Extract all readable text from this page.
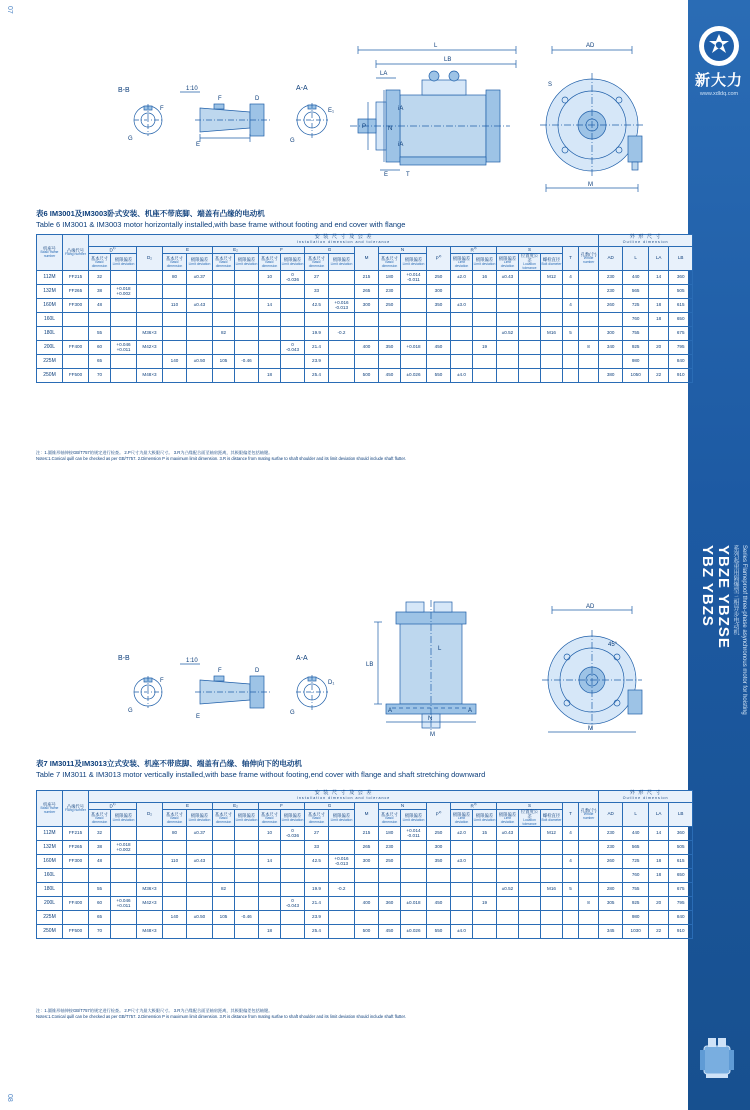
新大力
www.xdldq.com
YBZ YBZS YBZE YBZSE 系列起重用隔爆型三相异步电动机 Series Flameproof three-phase asynchronous motor for hoisting
07
08
B-B
G
F
1:10
E
F	D
A-A
G
E₁
L
LB
LA
N
P
iA
iA
E	T
M
AD
S
表6 IM3001及IM3003卧式安装、机座不带底脚、端盖有凸缘的电动机
Table 6 IM3001 & IM3003 motor horizontally installed,with base frame without footing and end cover with flange
机座号
Basic frame number	凸缘代号
Flang number	安 装 尺 寸 及 公 差
Installation dimension and tolerance																						外 形 尺 寸
Outline dimension			
		$D^{1)}$		D₂	E		E₂		F		G		M	N		$P^{2)}$	$R^{3)}$		S			T	孔数(个)
Whole number	AD	L	LA	LB

		基本尺寸
Basic dimension	极限偏差
Limit deviation		基本尺寸
Basic dimension	极限偏差
Limit deviation	基本尺寸
Basic dimension	极限偏差
Limit deviation	基本尺寸
Basic dimension	极限偏差
Limit deviation	基本尺寸
Basic dimension	极限偏差
Limit deviation		基本尺寸
Basic dimension	极限偏差
Limit deviation		极限偏差
Limit deviation	极限偏差
Limit deviation	极限偏差
Limit deviation	位置度公差
Location tolerance	螺栓直径
Bolt diameter						

112M	FF215	32			80	±0.37			10	0
-0.036	27		215	180	+0.014
-0.011	250	±2.0	16	±0.43		M12	4		230	440	14	360
132M	FF265	38	+0.018
+0.002								33		265	230		300								230	565		505
160M	FF300	48			110	±0.43			14		42.5	+0.016
-0.013	300	250		350	±3.0					4		260	725	18	615
160L																									760	18	650
180L		55		M36×3			82				19.9	-0.2							±0.52		M16	5		300	755		675
200L	FF400	60	+0.046
+0.011	M42×3						0
-0.043	21.4		400	350	+0.018	450		19					8	340	925	20	795
225M		65			140	±0.50	105	-0.46			23.9														980		840
250M	FF500	70		M48×3					18		25.4		500	450	±0.026	550	±4.0							380	1050	22	910
注：1.圆锥形轴伸按GB/T757的规定进行检查。 2.P尺寸为最大极限尺寸。 3.R为凸缘配合面至轴肩距离，其极限偏差包括轴键。
Notes:1.Conical quill can be checked as per GB/T757. 2.Dimension P is maximum limit dimension. 3.R is distance from mating surfae to shaft shoulder and its limit deviation should include shaft flutter.
B-B
G
F
1:10
E
F	D
A-A
G
D₁
LB
N
M
A	A
L
M
AD
45°
表7 IM3011及IM3013立式安装、机座不带底脚、端盖有凸缘、轴伸向下的电动机
Table 7 IM3011 & IM3013 motor vertically installed,with base frame without footing,end cover with flange and shaft stretching downward
机座号
Basic frame number	凸缘代号
Flang number	安 装 尺 寸 及 公 差
Installation dimension and tolerance																						外 形 尺 寸
Outline dimension			
		$D^{1)}$		D₂	E		E₂		F		G		M	N		$P^{2)}$	$R^{3)}$		S			T	孔数(个)
Whole number	AD	L	LA	LB

		基本尺寸
Basic dimension	极限偏差
Limit deviation		基本尺寸
Basic dimension	极限偏差
Limit deviation	基本尺寸
Basic dimension	极限偏差
Limit deviation	基本尺寸
Basic dimension	极限偏差
Limit deviation	基本尺寸
Basic dimension	极限偏差
Limit deviation		基本尺寸
Basic dimension	极限偏差
Limit deviation		极限偏差
Limit deviation	极限偏差
Limit deviation	极限偏差
Limit deviation	位置度公差
Location tolerance	螺栓直径
Bolt diameter						

112M	FF215	32			80	±0.37			10	0
-0.036	27		215	180	+0.014
-0.011	250	±2.0	15	±0.43		M12	4		230	440	14	360
132M	FF265	38	+0.018
+0.002								33		265	230		300								230	565		505
160M	FF300	48			110	±0.43			14		42.5	+0.016
-0.013	300	250		350	±3.0					4		260	725	18	615
160L																									760	18	650
180L		55		M36×3			82				19.9	-0.2							±0.52		M16	5		280	755		675
200L	FF400	60	+0.046
+0.011	M42×3						0
-0.043	21.4		400	360	±0.018	450		19					8	305	925	20	795
225M		65			140	±0.50	105	-0.46			23.9														980		840
250M	FF500	70		M48×3					18		25.4		500	450	±0.026	550	±4.0							345	1030	22	910
注：1.圆锥形轴伸按GB/T757的规定进行检查。 2.P尺寸为最大极限尺寸。 3.R为凸缘配合面至轴肩距离，其极限偏差包括轴键。
Notes:1.Conical quill can be checked as per GB/T757. 2.Dimension P is maximum limit dimension. 3.R is distance from mating surfae to shaft shoulder and its limit deviation should include shaft flutter.
